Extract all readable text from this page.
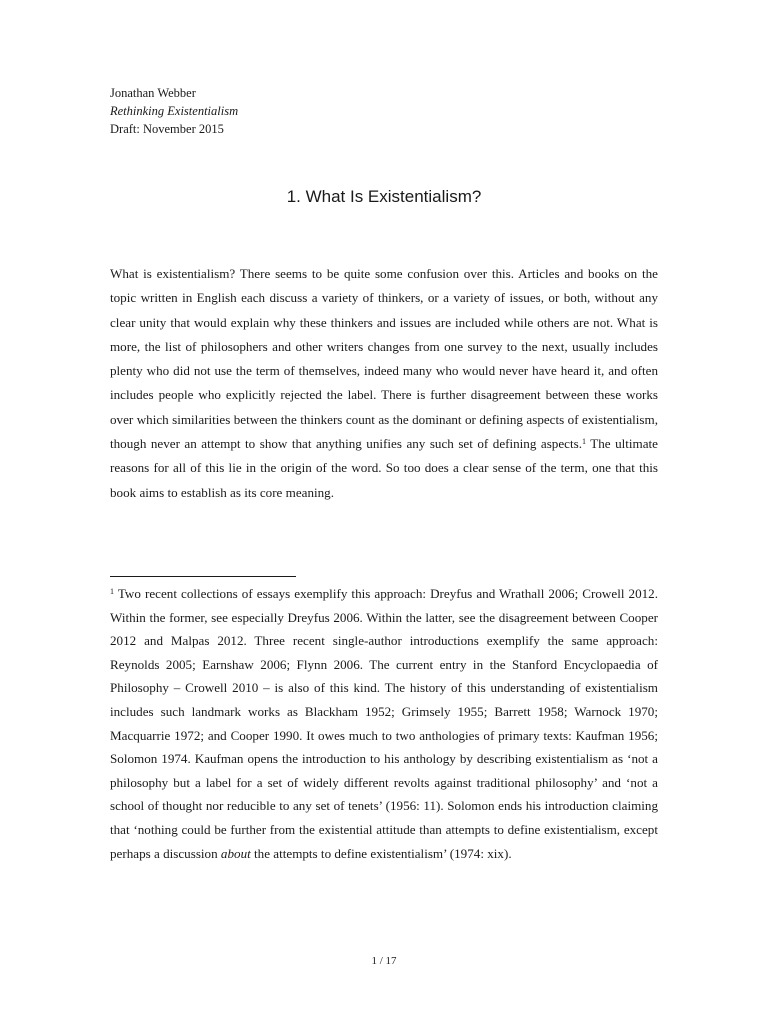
Jonathan Webber

Rethinking Existentialism

Draft: November 2015

1. What Is Existentialism?

What is existentialism? There seems to be quite some confusion over this. Articles and books on the topic written in English each discuss a variety of thinkers, or a variety of issues, or both, without any clear unity that would explain why these thinkers and issues are included while others are not. What is more, the list of philosophers and other writers changes from one survey to the next, usually includes plenty who did not use the term of themselves, indeed many who would never have heard it, and often includes people who explicitly rejected the label. There is further disagreement between these works over which similarities between the thinkers count as the dominant or defining aspects of existentialism, though never an attempt to show that anything unifies any such set of defining aspects.$^1$ The ultimate reasons for all of this lie in the origin of the word. So too does a clear sense of the term, one that this book aims to establish as its core meaning.

$^1$ Two recent collections of essays exemplify this approach: Dreyfus and Wrathall 2006; Crowell 2012. Within the former, see especially Dreyfus 2006. Within the latter, see the disagreement between Cooper 2012 and Malpas 2012. Three recent single-author introductions exemplify the same approach: Reynolds 2005; Earnshaw 2006; Flynn 2006. The current entry in the Stanford Encyclopaedia of Philosophy – Crowell 2010 – is also of this kind. The history of this understanding of existentialism includes such landmark works as Blackham 1952; Grimsely 1955; Barrett 1958; Warnock 1970; Macquarrie 1972; and Cooper 1990. It owes much to two anthologies of primary texts: Kaufman 1956; Solomon 1974. Kaufman opens the introduction to his anthology by describing existentialism as ‘not a philosophy but a label for a set of widely different revolts against traditional philosophy’ and ‘not a school of thought nor reducible to any set of tenets’ (1956: 11). Solomon ends his introduction claiming that ‘nothing could be further from the existential attitude than attempts to define existentialism, except perhaps a discussion about the attempts to define existentialism’ (1974: xix).

1 / 17
